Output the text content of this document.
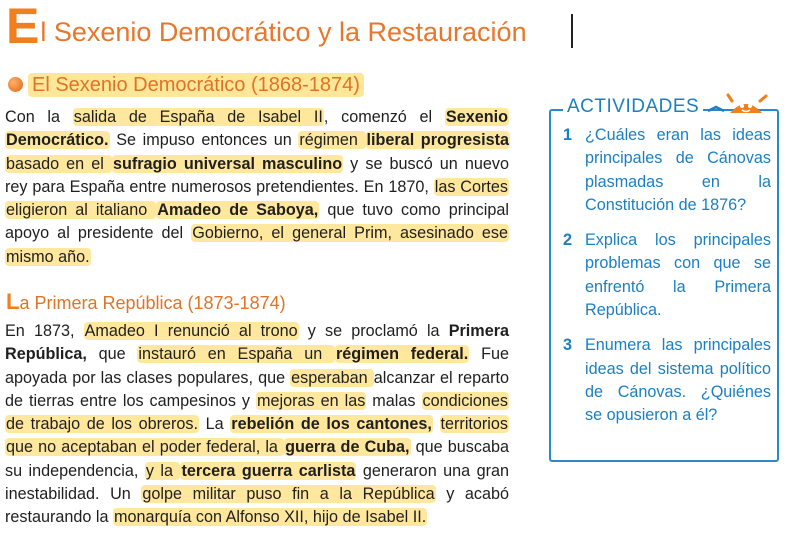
El Sexenio Democrático y la Restauración
El Sexenio Democrático (1868-1874)
Con la salida de España de Isabel II, comenzó el Sexenio Democrático. Se impuso entonces un régimen liberal progresista basado en el sufragio universal masculino y se buscó un nuevo rey para España entre numerosos pretendientes. En 1870, las Cortes eligieron al italiano Amadeo de Saboya, que tuvo como principal apoyo al presidente del Gobierno, el general Prim, asesinado ese mismo año.
La Primera República (1873-1874)
En 1873, Amadeo I renunció al trono y se proclamó la Primera República, que instauró en España un régimen federal. Fue apoyada por las clases populares, que esperaban alcanzar el reparto de tierras entre los campesinos y mejoras en las malas condiciones de trabajo de los obreros. La rebelión de los cantones, territorios que no aceptaban el poder federal, la guerra de Cuba, que buscaba su independencia, y la tercera guerra carlista generaron una gran inestabilidad. Un golpe militar puso fin a la República y acabó restaurando la monarquía con Alfonso XII, hijo de Isabel II.
ACTIVIDADES
1 ¿Cuáles eran las ideas principales de Cánovas plasmadas en la Constitución de 1876?
2 Explica los principales problemas con que se enfrentó la Primera República.
3 Enumera las principales ideas del sistema político de Cánovas. ¿Quiénes se opusieron a él?
